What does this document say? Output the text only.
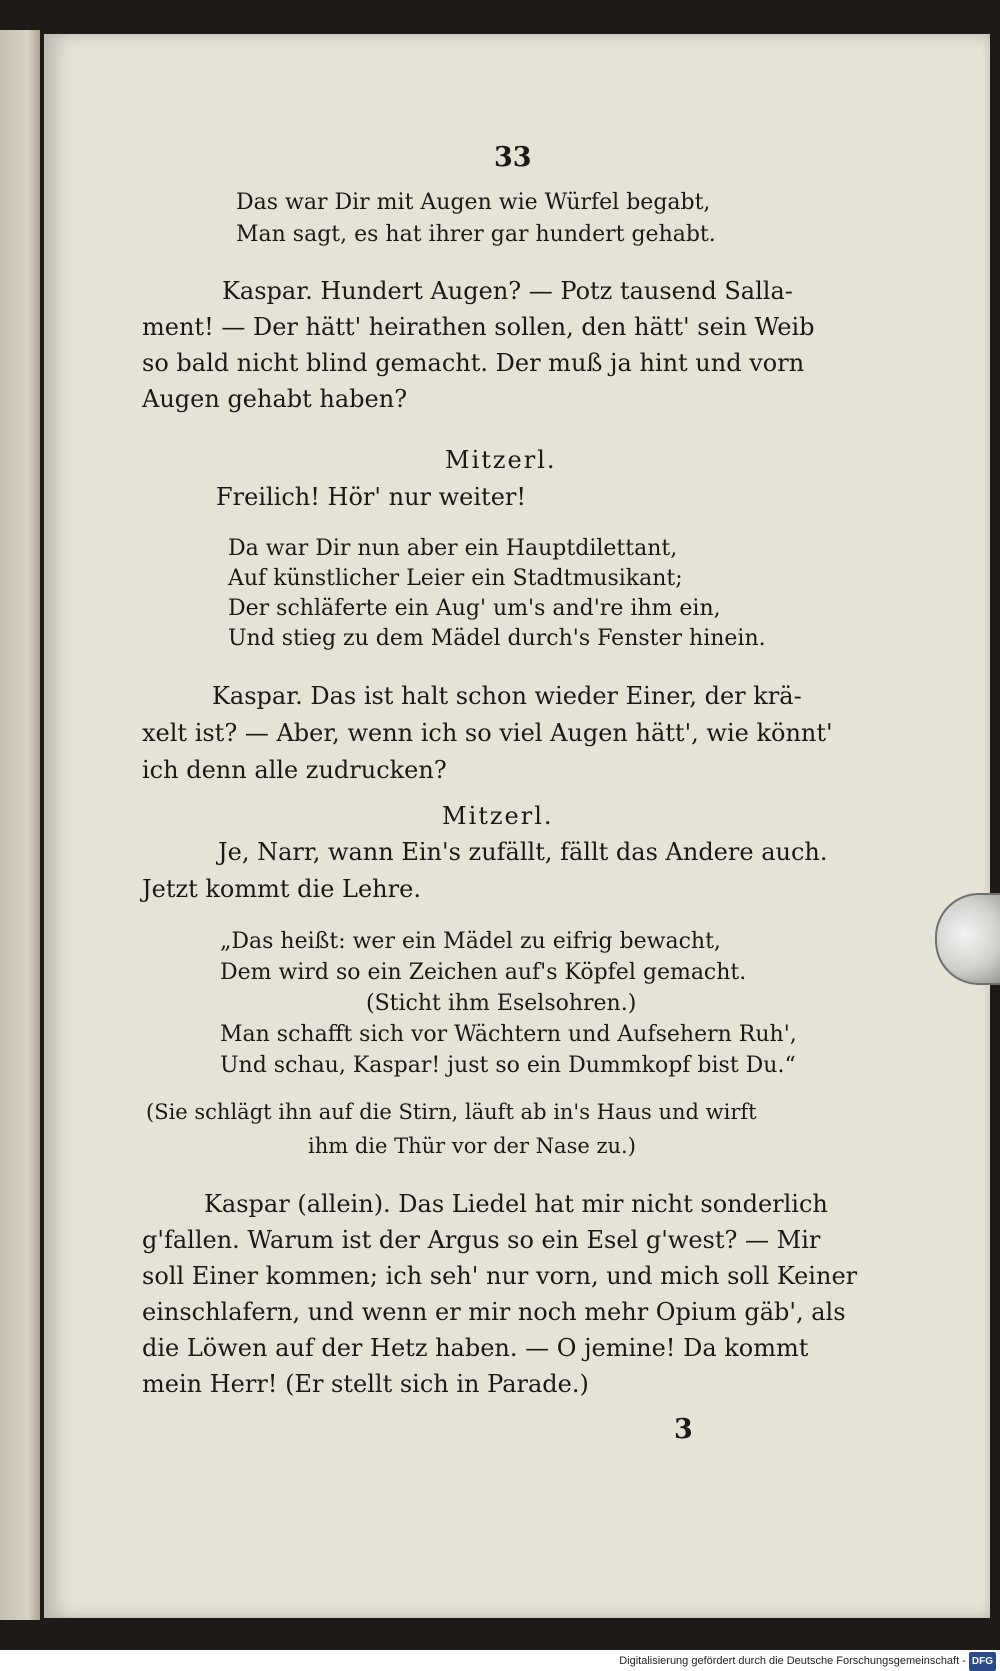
33
Das war Dir mit Augen wie Würfel begabt,
Man sagt, es hat ihrer gar hundert gehabt.
Kaspar. Hundert Augen? — Potz tausend Salla-
ment! — Der hätt' heirathen sollen, den hätt' sein Weib
so bald nicht blind gemacht. Der muß ja hint und vorn
Augen gehabt haben?
Mitzerl.
Freilich! Hör' nur weiter!
Da war Dir nun aber ein Hauptdilettant,
Auf künstlicher Leier ein Stadtmusikant;
Der schläferte ein Aug' um's and're ihm ein,
Und stieg zu dem Mädel durch's Fenster hinein.
Kaspar. Das ist halt schon wieder Einer, der krä-
xelt ist? — Aber, wenn ich so viel Augen hätt', wie könnt'
ich denn alle zudrucken?
Mitzerl.
Je, Narr, wann Ein's zufällt, fällt das Andere auch.
Jetzt kommt die Lehre.
„Das heißt: wer ein Mädel zu eifrig bewacht,
Dem wird so ein Zeichen auf's Köpfel gemacht.
(Sticht ihm Eselsohren.)
Man schafft sich vor Wächtern und Aufsehern Ruh',
Und schau, Kaspar! just so ein Dummkopf bist Du.“
(Sie schlägt ihn auf die Stirn, läuft ab in's Haus und wirft
ihm die Thür vor der Nase zu.)
Kaspar (allein). Das Liedel hat mir nicht sonderlich
g'fallen. Warum ist der Argus so ein Esel g'west? — Mir
soll Einer kommen; ich seh' nur vorn, und mich soll Keiner
einschlafern, und wenn er mir noch mehr Opium gäb', als
die Löwen auf der Hetz haben. — O jemine! Da kommt
mein Herr! (Er stellt sich in Parade.)
3
Digitalisierung gefördert durch die Deutsche Forschungsgemeinschaft - DFG
